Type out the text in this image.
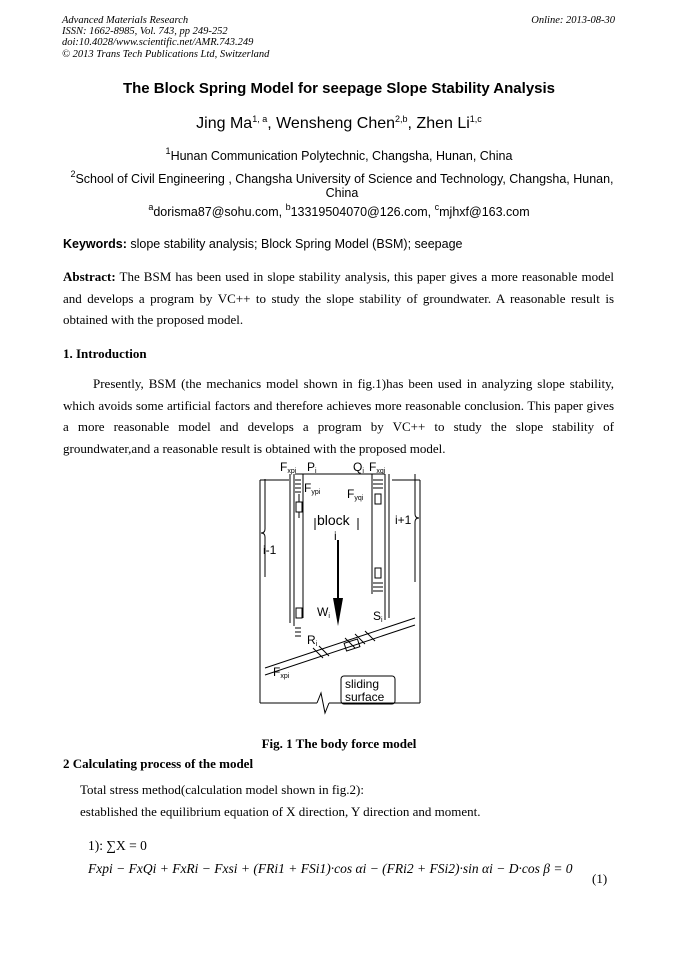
Advanced Materials Research
ISSN: 1662-8985, Vol. 743, pp 249-252
doi:10.4028/www.scientific.net/AMR.743.249
© 2013 Trans Tech Publications Ltd, Switzerland
Online: 2013-08-30
The Block Spring Model for seepage Slope Stability Analysis
Jing Ma$^{1, a}$, Wensheng Chen$^{2,b}$, Zhen Li$^{1,c}$
$^1$Hunan Communication Polytechnic, Changsha, Hunan, China
$^2$School of Civil Engineering , Changsha University of Science and Technology, Changsha, Hunan, China
$^a$dorisma87@sohu.com, $^b$13319504070@126.com, $^c$mjhxf@163.com
Keywords: slope stability analysis; Block Spring Model (BSM); seepage
Abstract: The BSM has been used in slope stability analysis, this paper gives a more reasonable model and develops a program by VC++ to study the slope stability of groundwater. A reasonable result is obtained with the proposed model.
1. Introduction
Presently, BSM (the mechanics model shown in fig.1)has been used in analyzing slope stability, which avoids some artificial factors and therefore achieves more reasonable conclusion. This paper gives a more reasonable model and develops a program by VC++ to study the slope stability of groundwater,and a reasonable result is obtained with the proposed model.
Fxpi Pi	Qi Fxqi
Fypi Fyqi
block
i
i-1
i+1
Wi	Si
Ri
Fxpi
sliding
surface
Fig. 1 The body force model
2 Calculating process of the model
Total stress method(calculation model shown in fig.2):
established the equilibrium equation of X direction, Y direction and moment.
1): ∑X = 0
Fxpi − FxQi + FxRi − Fxsi + (FRi1 + FSi1)·cos αi − (FRi2 + FSi2)·sin αi − D·cos β = 0
(1)
